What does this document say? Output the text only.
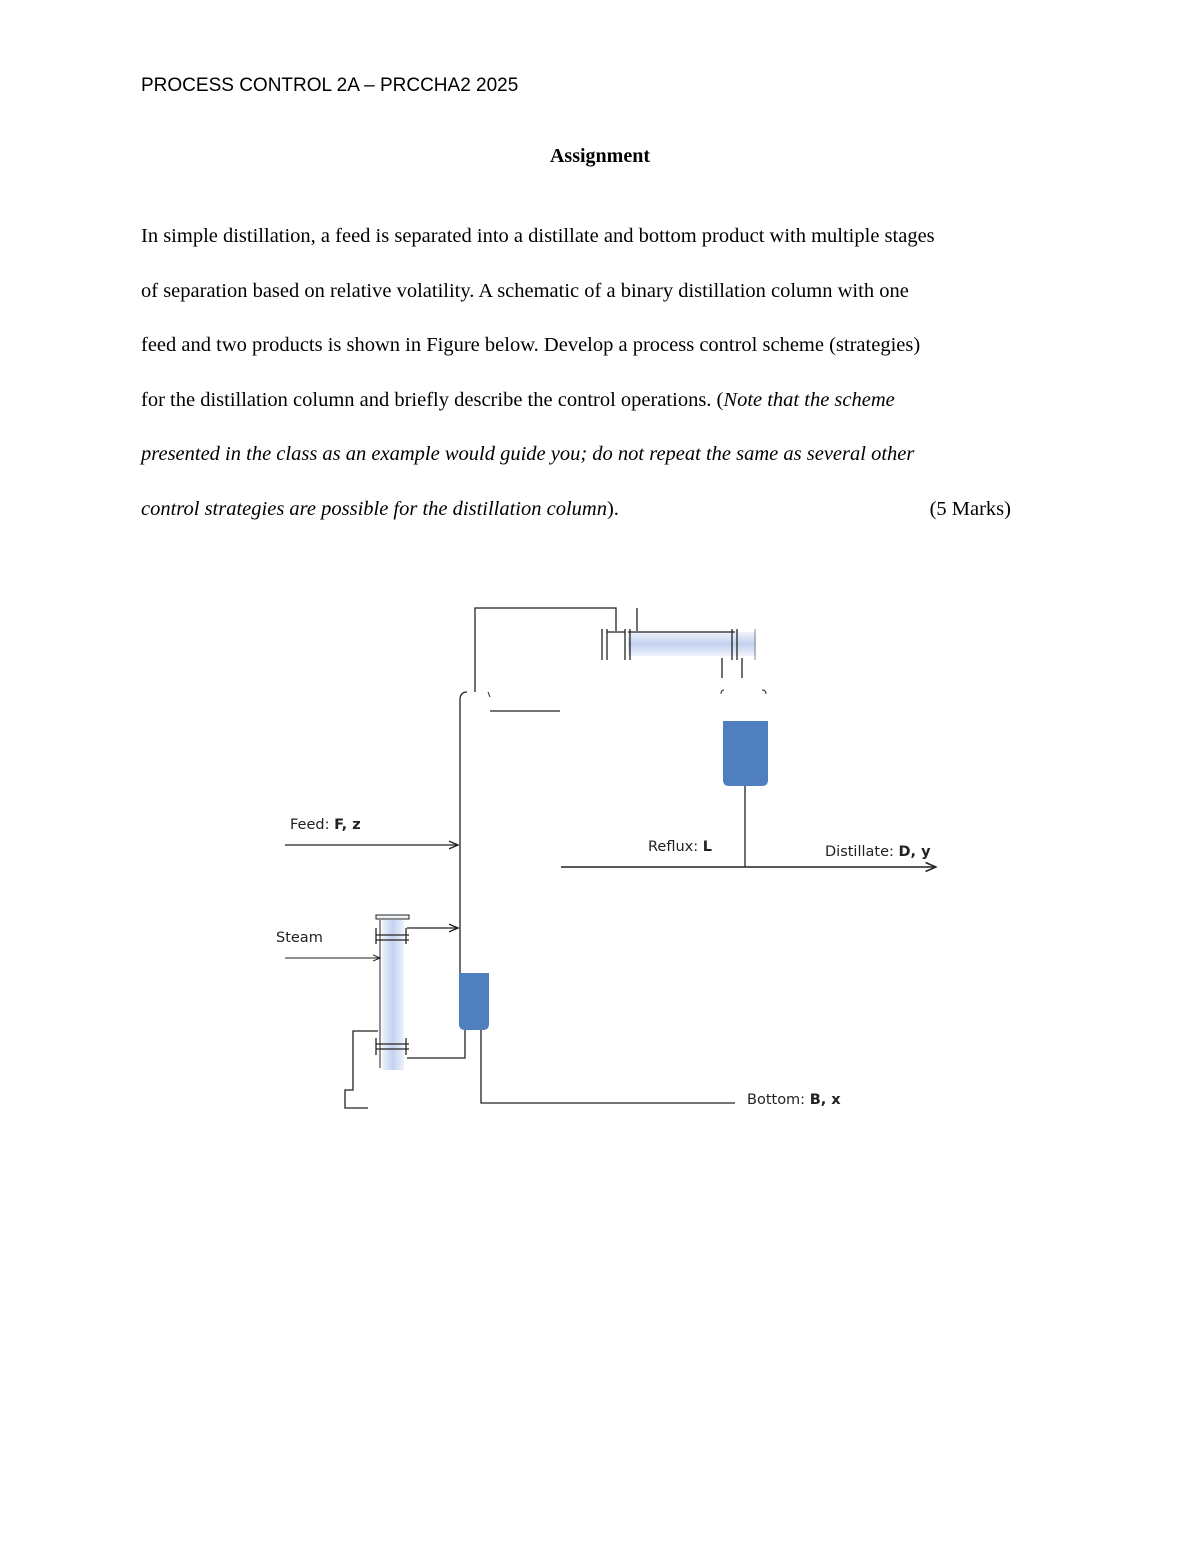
PROCESS CONTROL 2A – PRCCHA2 2025
Assignment
In simple distillation, a feed is separated into a distillate and bottom product with multiple stages
of separation based on relative volatility. A schematic of a binary distillation column with one
feed and two products is shown in Figure below. Develop a process control scheme (strategies)
for the distillation column and briefly describe the control operations. (Note that the scheme
presented in the class as an example would guide you; do not repeat the same as several other
control strategies are possible for the distillation column).	(5 Marks)
Feed: F, z
Steam
Reflux: L	Distillate: D, y
Bottom: B, x
